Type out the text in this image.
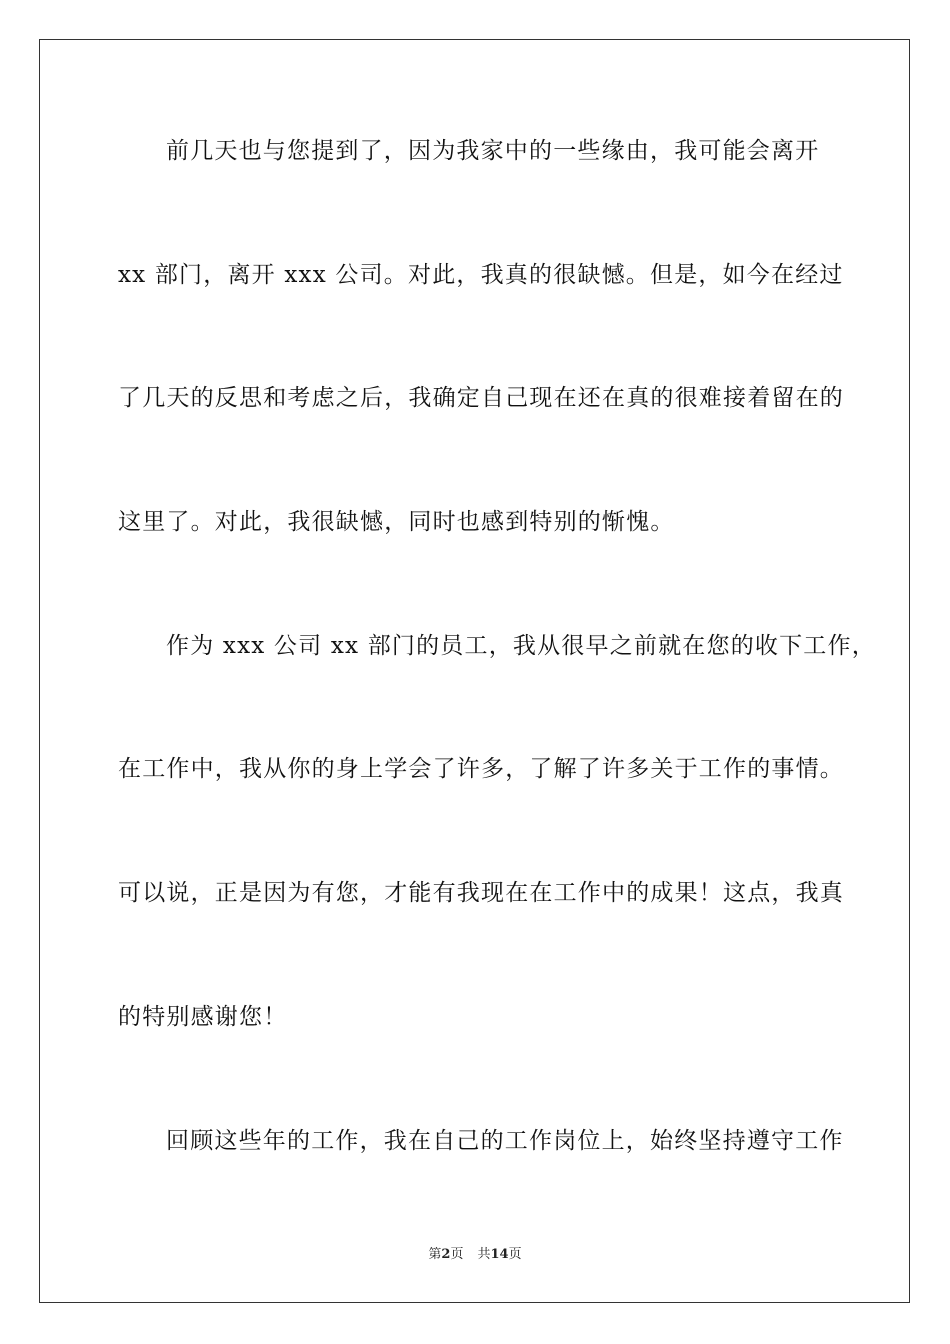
前几天也与您提到了，因为我家中的一些缘由，我可能会离开
xx 部门，离开 xxx 公司。对此，我真的很缺憾。但是，如今在经过
了几天的反思和考虑之后，我确定自己现在还在真的很难接着留在的
这里了。对此，我很缺憾，同时也感到特别的惭愧。
作为 xxx 公司 xx 部门的员工，我从很早之前就在您的收下工作，
在工作中，我从你的身上学会了许多，了解了许多关于工作的事情。
可以说，正是因为有您，才能有我现在在工作中的成果！这点，我真
的特别感谢您！
回顾这些年的工作，我在自己的工作岗位上，始终坚持遵守工作
第2页 共14页
